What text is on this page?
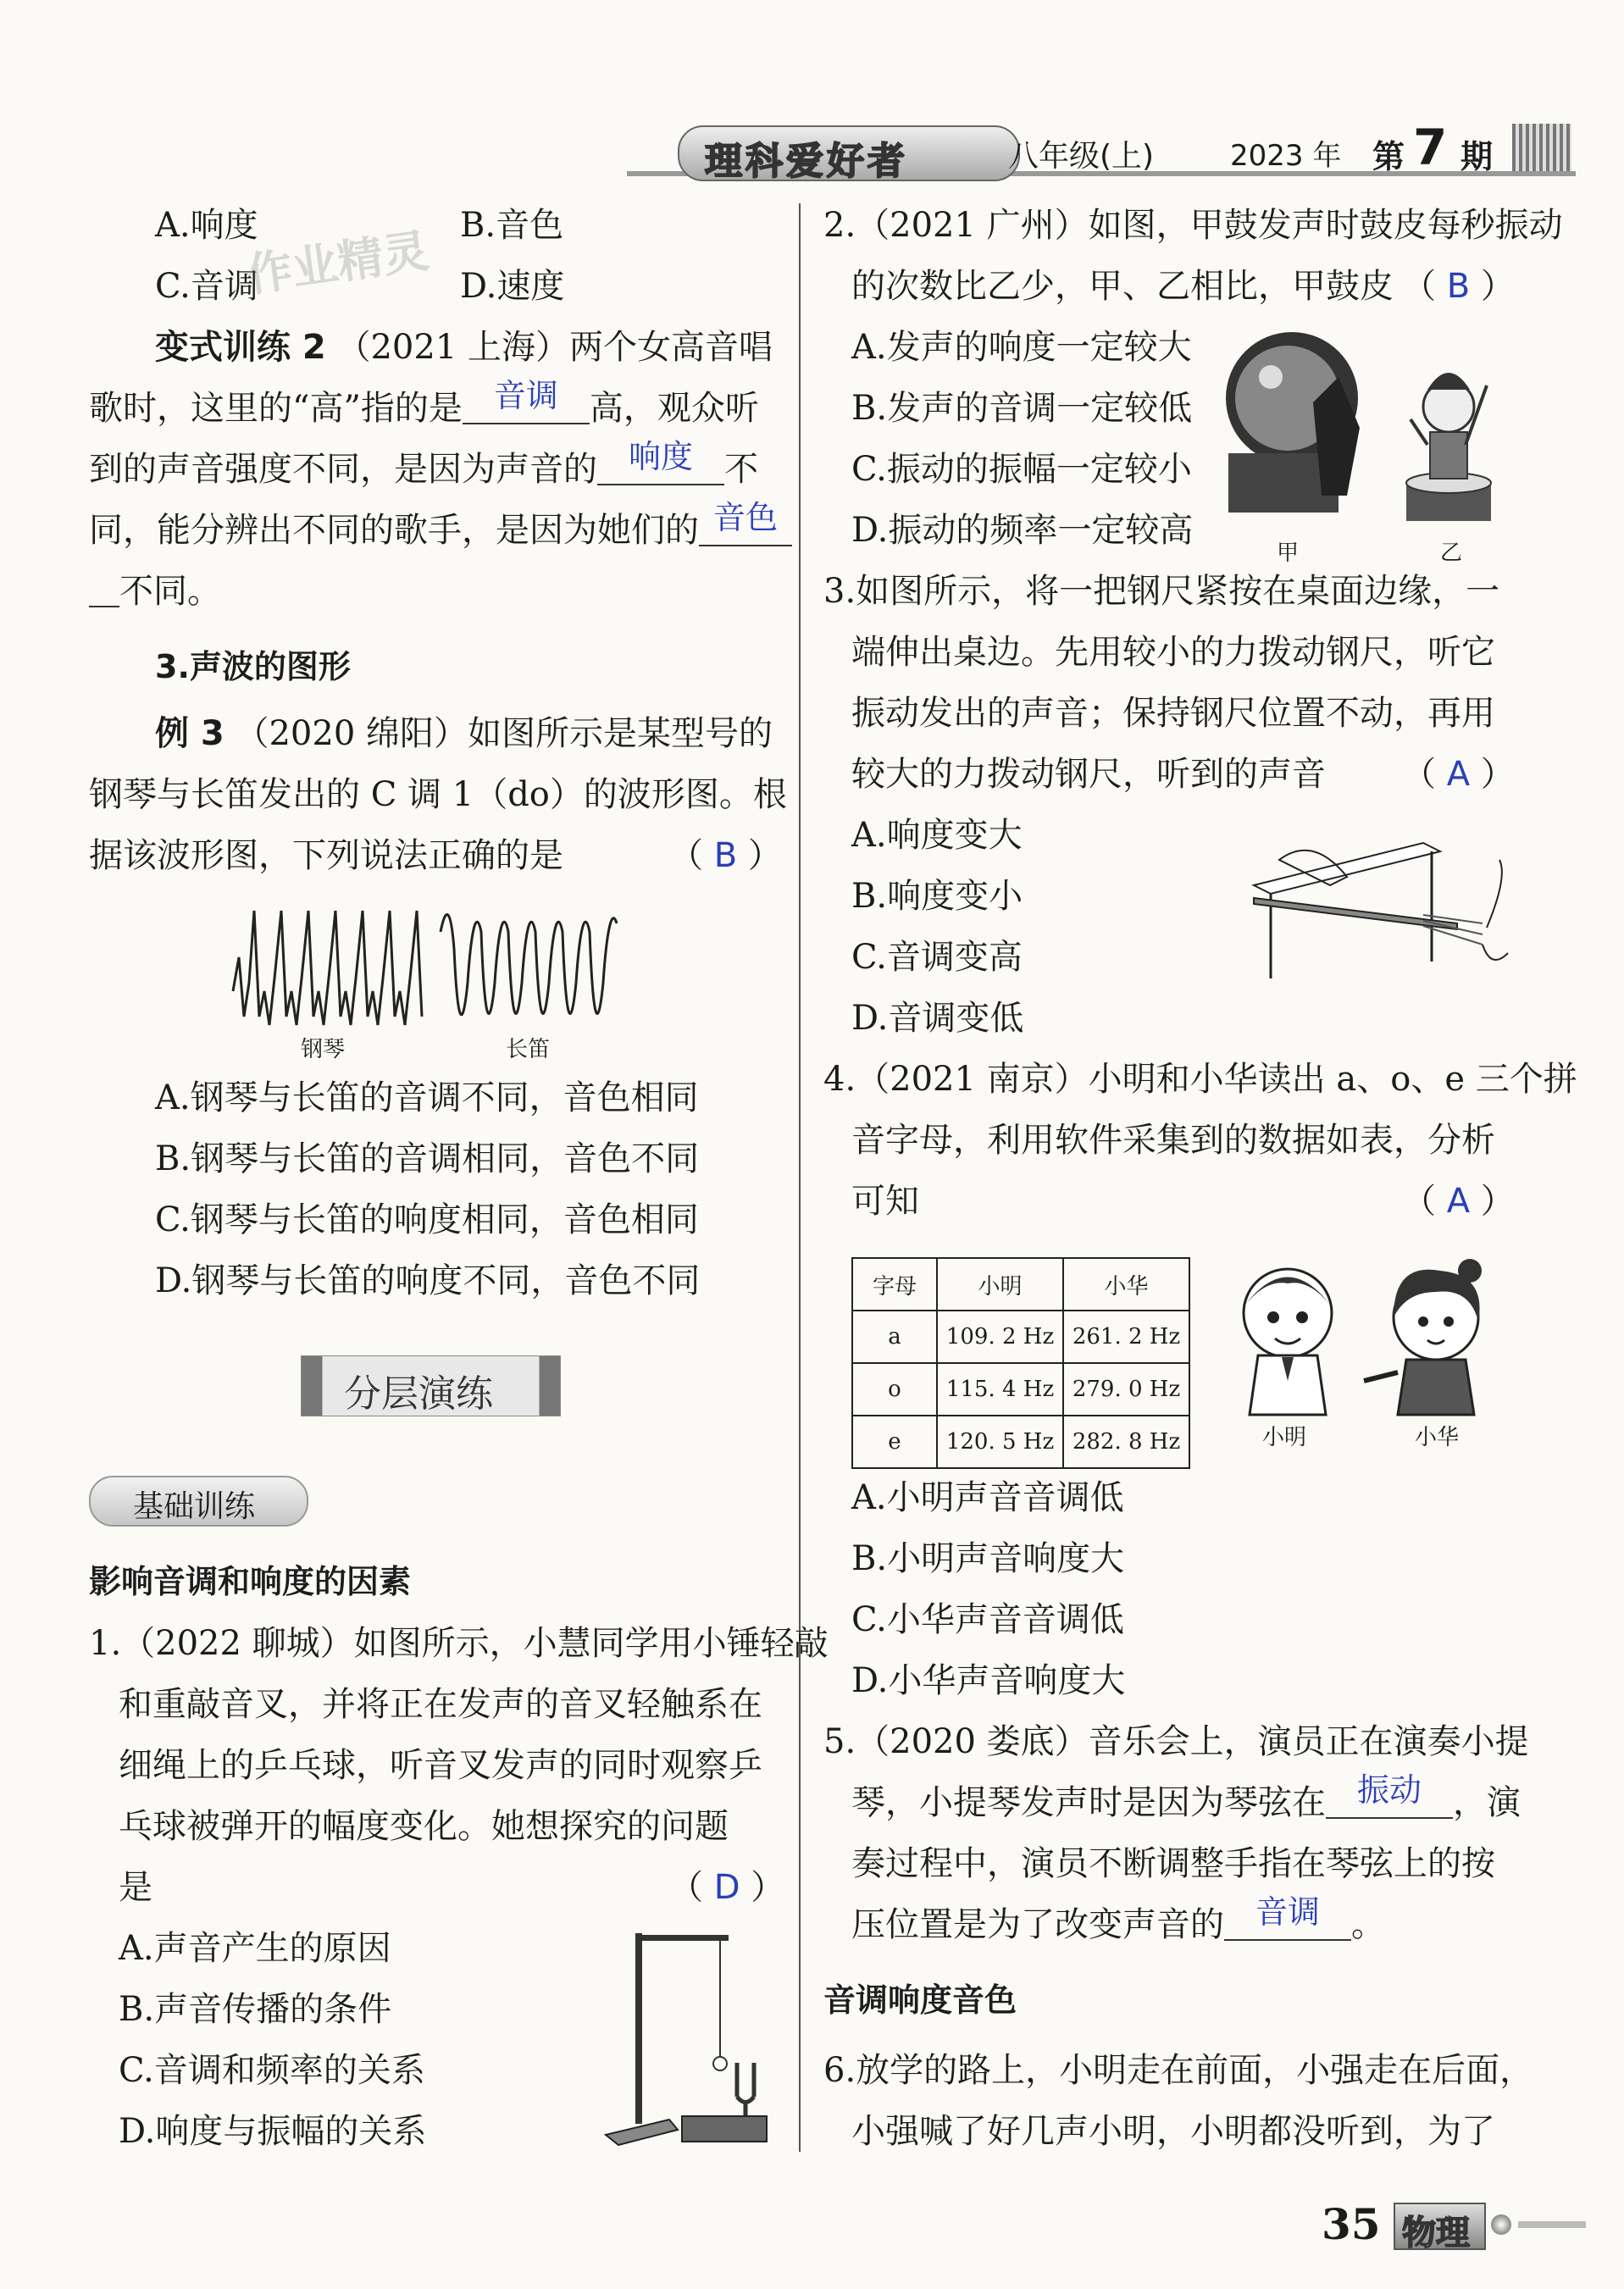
理科爱好者	八年级(上)	2023 年 第 7 期
A.响度	B.音色
C.音调	D.速度
作业精灵
变式训练 2 （2021 上海）两个女高音唱
歌时，这里的“高”指的是 音调 高，观众听
到的声音强度不同，是因为声音的 响度 不
同，能分辨出不同的歌手，是因为她们的 音色
不同。
3.声波的图形
例 3 （2020 绵阳）如图所示是某型号的
钢琴与长笛发出的 C 调 1（do）的波形图。根
据该波形图，下列说法正确的是	（ B ）
钢琴	长笛
A.钢琴与长笛的音调不同，音色相同
B.钢琴与长笛的音调相同，音色不同
C.钢琴与长笛的响度相同，音色相同
D.钢琴与长笛的响度不同，音色不同
分层演练
基础训练
影响音调和响度的因素
1.（2022 聊城）如图所示，小慧同学用小锤轻敲
和重敲音叉，并将正在发声的音叉轻触系在
细绳上的乒乓球，听音叉发声的同时观察乒
乓球被弹开的幅度变化。她想探究的问题
是	（ D ）
A.声音产生的原因
B.声音传播的条件
C.音调和频率的关系
D.响度与振幅的关系
2.（2021 广州）如图，甲鼓发声时鼓皮每秒振动
的次数比乙少，甲、乙相比，甲鼓皮 （ B ）
A.发声的响度一定较大
B.发声的音调一定较低
C.振动的振幅一定较小
D.振动的频率一定较高
甲	乙
3.如图所示，将一把钢尺紧按在桌面边缘，一
端伸出桌边。先用较小的力拨动钢尺，听它
振动发出的声音；保持钢尺位置不动，再用
较大的力拨动钢尺，听到的声音 （ A ）
A.响度变大
B.响度变小
C.音调变高
D.音调变低
4.（2021 南京）小明和小华读出 a、o、e 三个拼
音字母，利用软件采集到的数据如表，分析
可知	（ A ）
字母	小明	小华
a	109. 2 Hz	261. 2 Hz
o	115. 4 Hz	279. 0 Hz
e	120. 5 Hz	282. 8 Hz	小明	小华
A.小明声音音调低
B.小明声音响度大
C.小华声音音调低
D.小华声音响度大
5.（2020 娄底）音乐会上，演员正在演奏小提
琴，小提琴发声时是因为琴弦在 振动 ，演
奏过程中，演员不断调整手指在琴弦上的按
压位置是为了改变声音的 音调 。
音调响度音色
6.放学的路上，小明走在前面，小强走在后面，
小强喊了好几声小明，小明都没听到，为了
35 物理
